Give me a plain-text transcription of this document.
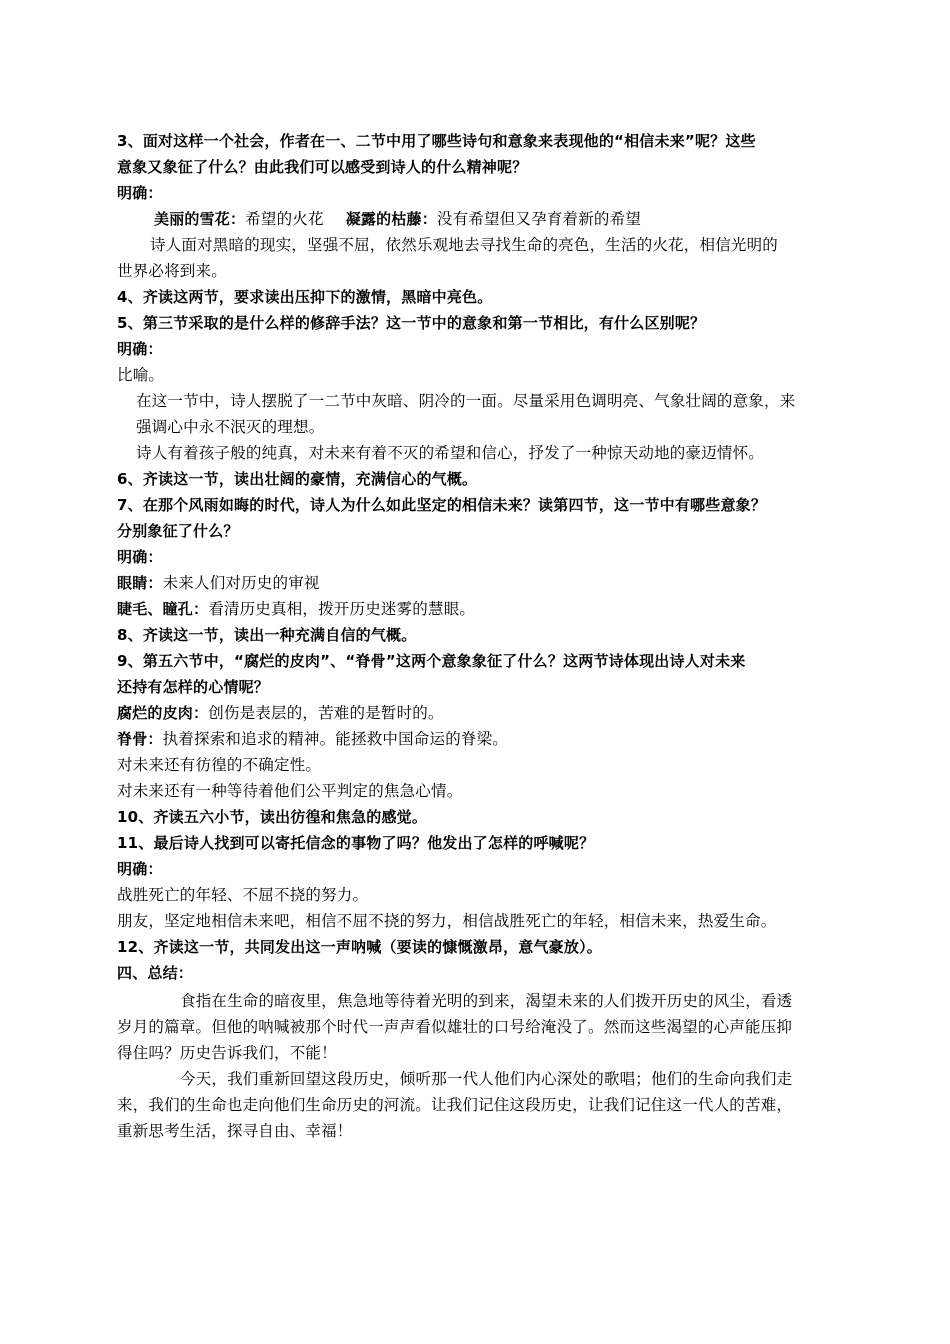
3、面对这样一个社会，作者在一、二节中用了哪些诗句和意象来表现他的“相信未来”呢？这些
意象又象征了什么？由此我们可以感受到诗人的什么精神呢？
明确：
美丽的雪花：希望的火花 凝露的枯藤：没有希望但又孕育着新的希望
诗人面对黑暗的现实，坚强不屈，依然乐观地去寻找生命的亮色，生活的火花，相信光明的
世界必将到来。
4、齐读这两节，要求读出压抑下的激情，黑暗中亮色。
5、第三节采取的是什么样的修辞手法？这一节中的意象和第一节相比，有什么区别呢？
明确：
比喻。
在这一节中，诗人摆脱了一二节中灰暗、阴冷的一面。尽量采用色调明亮、气象壮阔的意象，来
强调心中永不泯灭的理想。
诗人有着孩子般的纯真，对未来有着不灭的希望和信心，抒发了一种惊天动地的豪迈情怀。
6、齐读这一节，读出壮阔的豪情，充满信心的气概。
7、在那个风雨如晦的时代，诗人为什么如此坚定的相信未来？读第四节，这一节中有哪些意象？
分别象征了什么？
明确：
眼睛：未来人们对历史的审视
睫毛、瞳孔：看清历史真相，拨开历史迷雾的慧眼。
8、齐读这一节，读出一种充满自信的气概。
9、第五六节中，“腐烂的皮肉”、“脊骨”这两个意象象征了什么？这两节诗体现出诗人对未来
还持有怎样的心情呢？
腐烂的皮肉：创伤是表层的，苦难的是暂时的。
脊骨：执着探索和追求的精神。能拯救中国命运的脊梁。
对未来还有彷徨的不确定性。
对未来还有一种等待着他们公平判定的焦急心情。
10、齐读五六小节，读出彷徨和焦急的感觉。
11、最后诗人找到可以寄托信念的事物了吗？他发出了怎样的呼喊呢？
明确：
战胜死亡的年轻、不屈不挠的努力。
朋友，坚定地相信未来吧，相信不屈不挠的努力，相信战胜死亡的年轻，相信未来，热爱生命。
12、齐读这一节，共同发出这一声呐喊（要读的慷慨激昂，意气豪放）。
四、总结：
食指在生命的暗夜里，焦急地等待着光明的到来，渴望未来的人们拨开历史的风尘，看透
岁月的篇章。但他的呐喊被那个时代一声声看似雄壮的口号给淹没了。然而这些渴望的心声能压抑
得住吗？历史告诉我们，不能！
今天，我们重新回望这段历史，倾听那一代人他们内心深处的歌唱；他们的生命向我们走
来，我们的生命也走向他们生命历史的河流。让我们记住这段历史，让我们记住这一代人的苦难，
重新思考生活，探寻自由、幸福！
